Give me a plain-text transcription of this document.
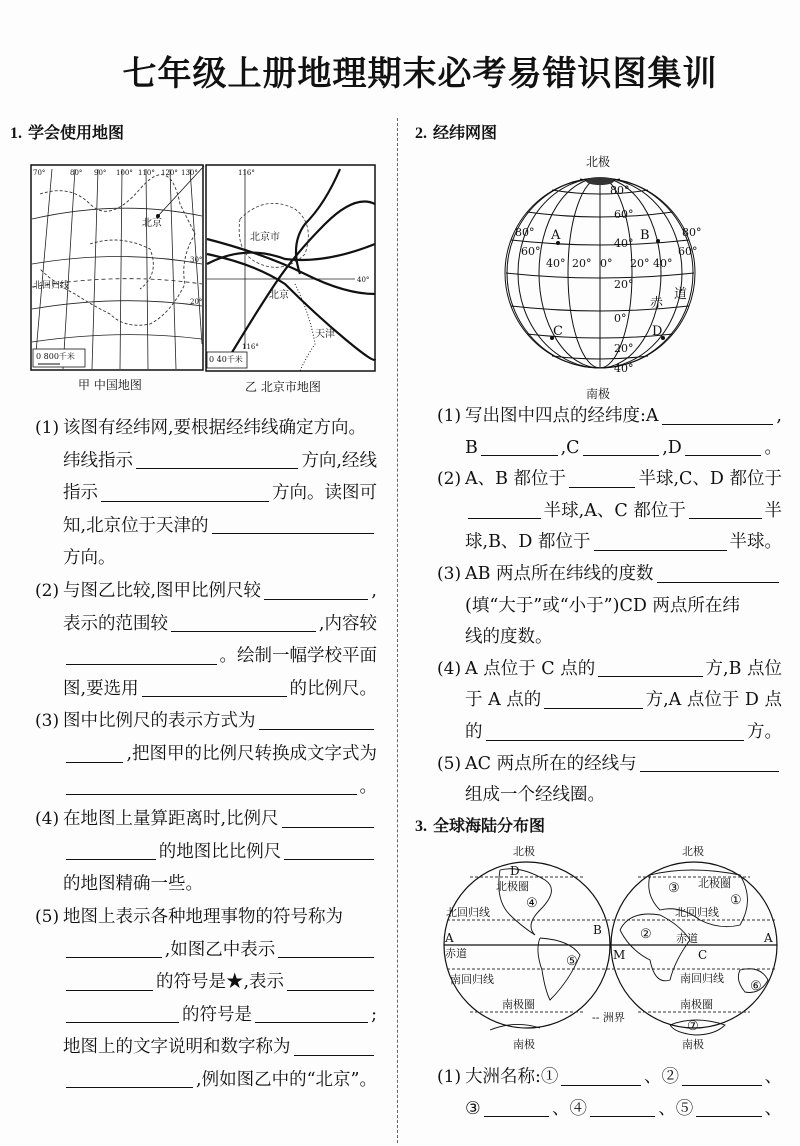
七年级上册地理期末必考易错识图集训
1. 学会使用地图
70°	80° 90° 100° 110° 120° 130°
30°
20°
北京
北回归线
0 800千米
116°
116°
40°
北京市
北京
天津
0 40千米
甲 中国地图	乙 北京市地图
(1) 该图有经纬网,要根据经纬线确定方向。
纬线指示	方向,经线
指示	方向。读图可
知,北京位于天津的
方向。
(2) 与图乙比较,图甲比例尺较	,
表示的范围较	,内容较
。绘制一幅学校平面
图,要选用	的比例尺。
(3) 图中比例尺的表示方式为
,把图甲的比例尺转换成文字式为
。
(4) 在地图上量算距离时,比例尺
的地图比比例尺
的地图精确一些。
(5) 地图上表示各种地理事物的符号称为
,如图乙中表示
的符号是★,表示
的符号是	;
地图上的文字说明和数字称为
,例如图乙中的“北京”。
2. 经纬网图
北极
南极
80°
60°
40°
20°
0°
20°
40°
80°
60°
40° 20° 0° 20° 40°
60°
80°
A	B
C	D
赤
道
(1) 写出图中四点的经纬度:A	,
B	,C	,D	。
(2) A、B 都位于	半球,C、D 都位于
半球,A、C 都位于	半
球,B、D 都位于	半球。
(3) AB 两点所在纬线的度数
(填“大于”或“小于”)CD 两点所在纬
线的度数。
(4) A 点位于 C 点的	方,B 点位
于 A 点的	方,A 点位于 D 点
的	方。
(5) AC 两点所在的经线与
组成一个经线圈。
3. 全球海陆分布图
北极	北极
南极	南极
北极圈	北极圈
北回归线	北回归线
赤道
赤道
南回归线	南回归线
南极圈	南极圈
-- 洲界
A	A
B
C
D
M
①
②
③
④
⑤
⑥
⑦
(1) 大洲名称:①	、②	、
③	、④	、⑤	、
